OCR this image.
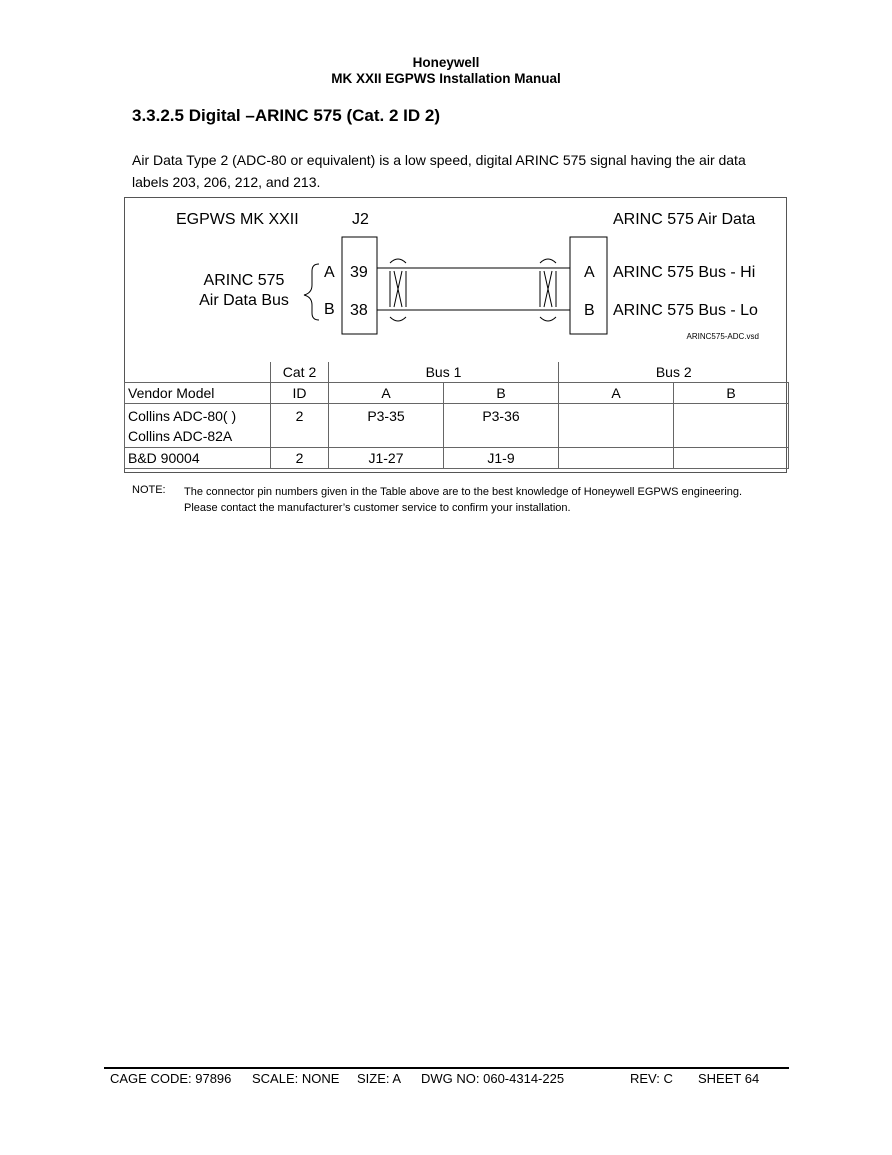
Honeywell
MK XXII EGPWS Installation Manual
3.3.2.5 Digital –ARINC 575 (Cat. 2 ID 2)
Air Data Type 2 (ADC-80 or equivalent) is a low speed, digital ARINC 575 signal having the air data labels 203, 206, 212, and 213.
EGPWS MK XXII	J2	ARINC 575 Air Data
ARINC 575
Air Data Bus
A
B
39
38
A
B
ARINC 575 Bus - Hi
ARINC 575 Bus - Lo
ARINC575-ADC.vsd
	Cat 2	Bus 1		Bus 2	
Vendor Model	ID	A	B	A	B

Collins ADC-80( )
Collins ADC-82A	2	P3-35	P3-36		
B&D 90004	2	J1-27	J1-9		
NOTE: The connector pin numbers given in the Table above are to the best knowledge of Honeywell EGPWS engineering. Please contact the manufacturer’s customer service to confirm your installation.
CAGE CODE: 97896 SCALE: NONE SIZE: A DWG NO: 060-4314-225	REV: C SHEET 64
